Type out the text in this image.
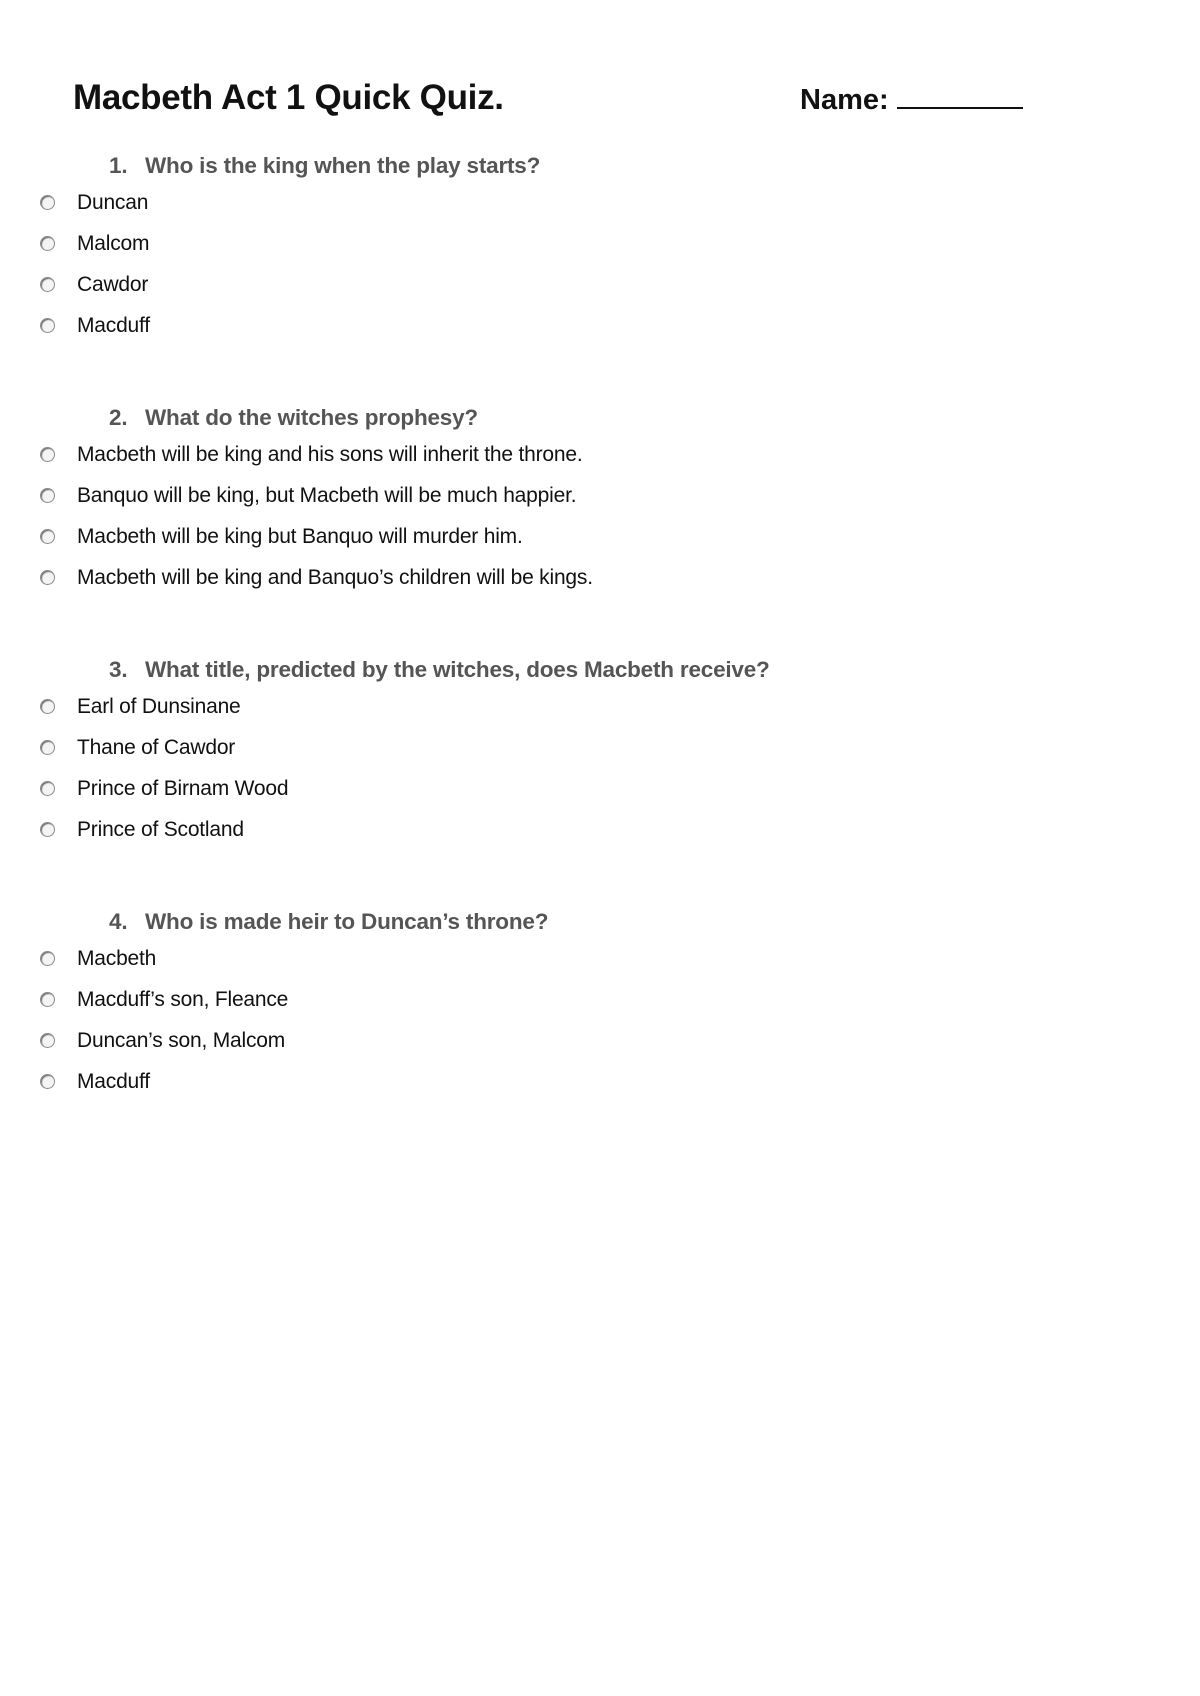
Macbeth Act 1 Quick Quiz.	Name:
1. Who is the king when the play starts?
Duncan
Malcom
Cawdor
Macduff
2. What do the witches prophesy?
Macbeth will be king and his sons will inherit the throne.
Banquo will be king, but Macbeth will be much happier.
Macbeth will be king but Banquo will murder him.
Macbeth will be king and Banquo’s children will be kings.
3. What title, predicted by the witches, does Macbeth receive?
Earl of Dunsinane
Thane of Cawdor
Prince of Birnam Wood
Prince of Scotland
4. Who is made heir to Duncan’s throne?
Macbeth
Macduff’s son, Fleance
Duncan’s son, Malcom
Macduff
